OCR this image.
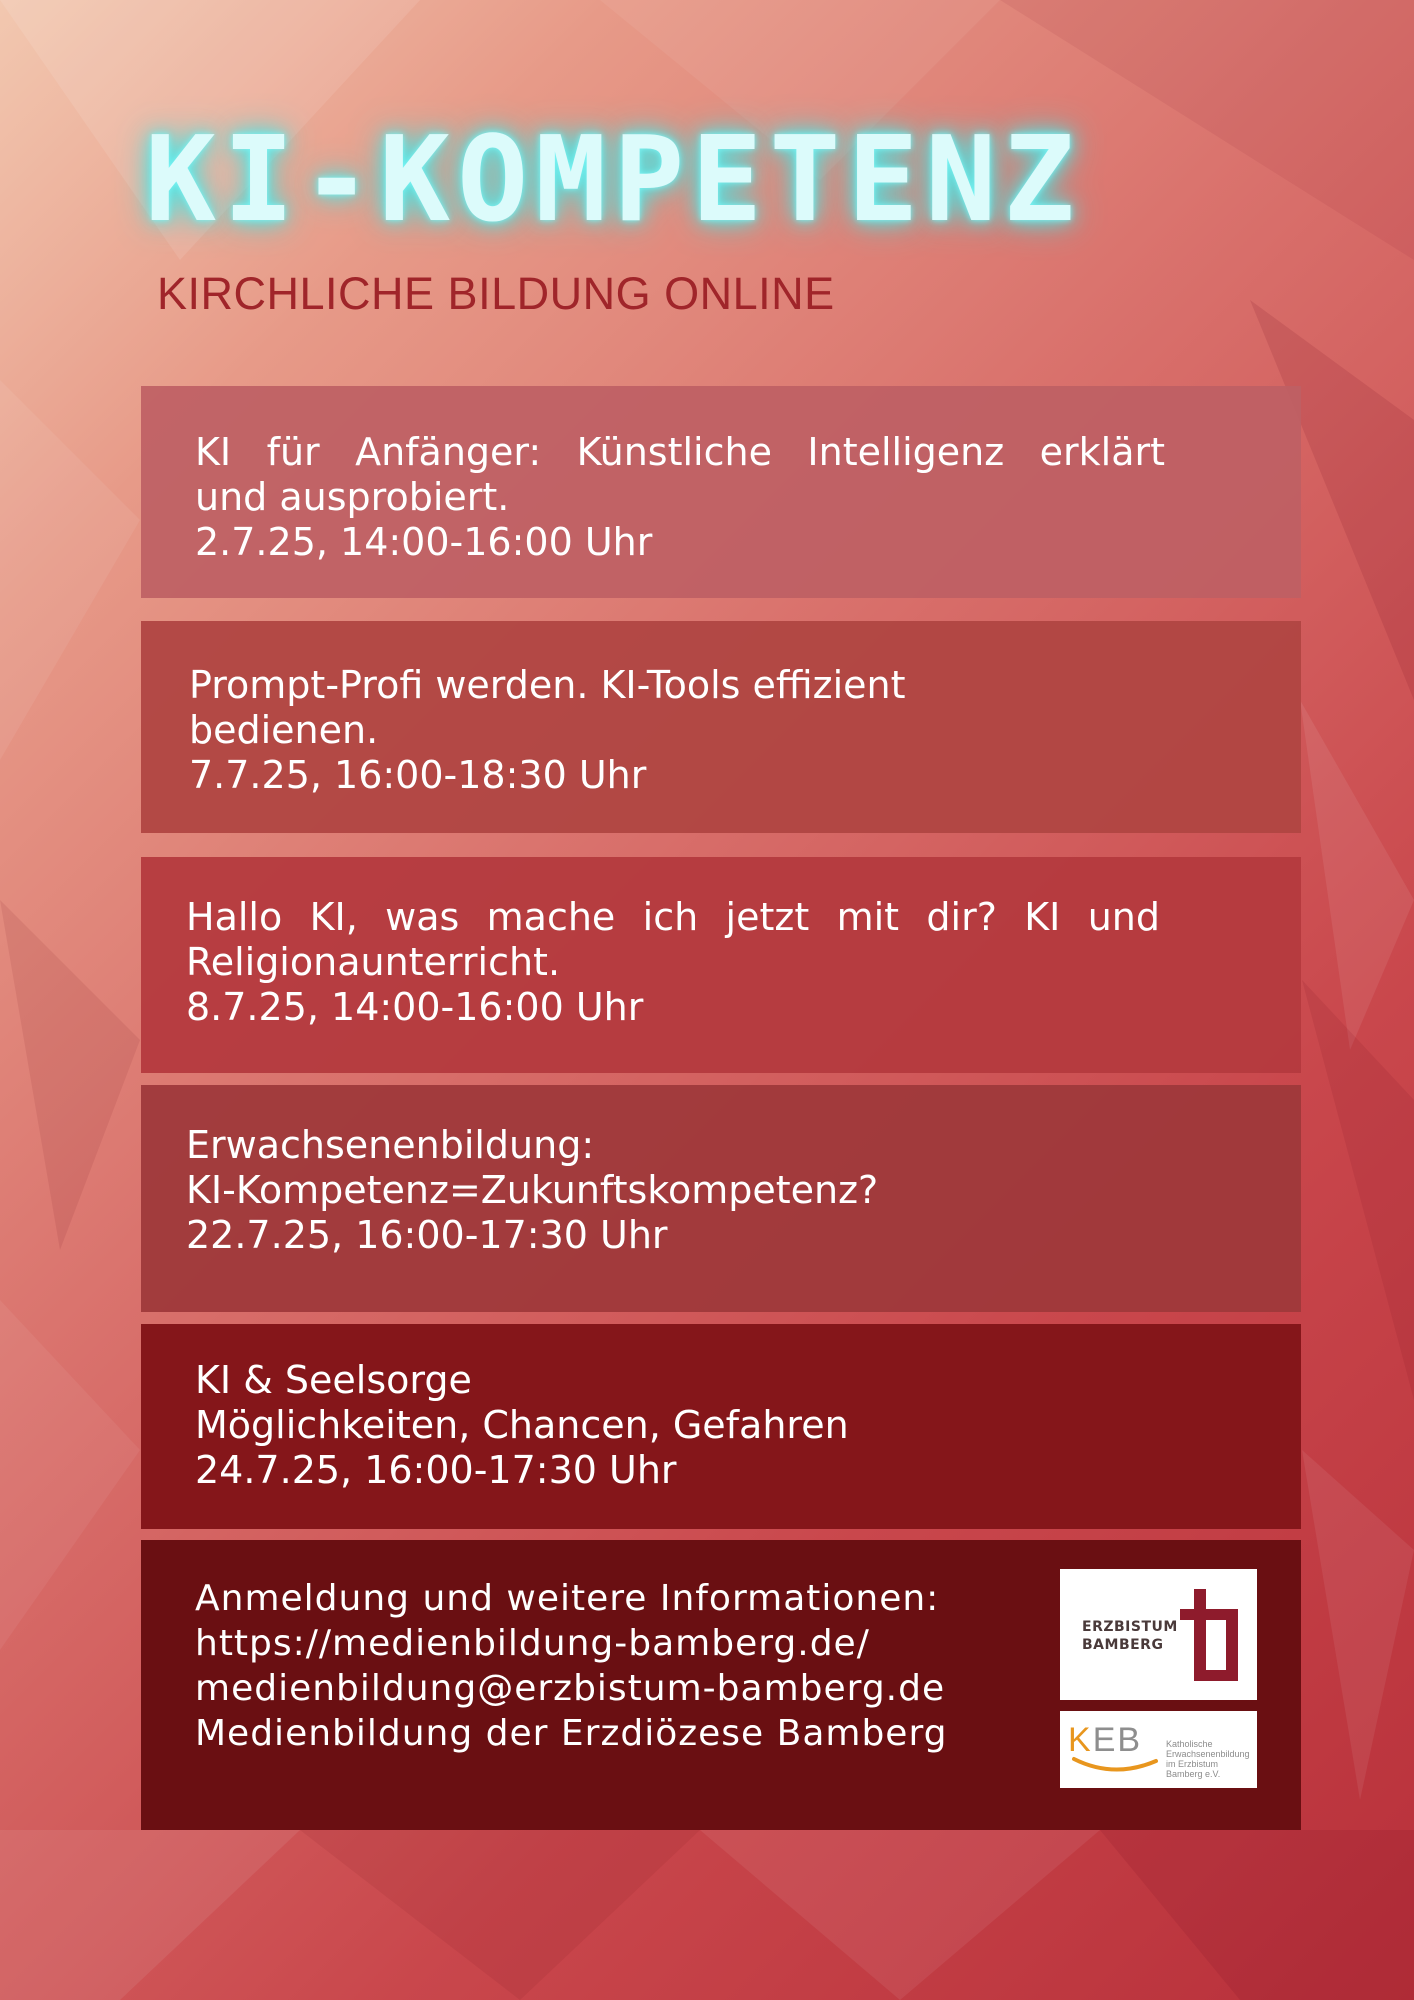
KI-KOMPETENZ

KIRCHLICHE BILDUNG ONLINE

KI für Anfänger: Künstliche Intelligenz erklärt
und ausprobiert.
2.7.25, 14:00-16:00 Uhr
Prompt-Profi werden. KI-Tools effizient
bedienen.
7.7.25, 16:00-18:30 Uhr
Hallo KI, was mache ich jetzt mit dir? KI und
Religionaunterricht.
8.7.25, 14:00-16:00 Uhr
Erwachsenenbildung:
KI-Kompetenz=Zukunftskompetenz?
22.7.25, 16:00-17:30 Uhr
KI & Seelsorge
Möglichkeiten, Chancen, Gefahren
24.7.25, 16:00-17:30 Uhr
Anmeldung und weitere Informationen:
https://medienbildung-bamberg.de/
medienbildung@erzbistum-bamberg.de
Medienbildung der Erzdiözese Bamberg
ERZBISTUM
BAMBERG
KEB	Katholische
Erwachsenenbildung
im Erzbistum
Bamberg e.V.
